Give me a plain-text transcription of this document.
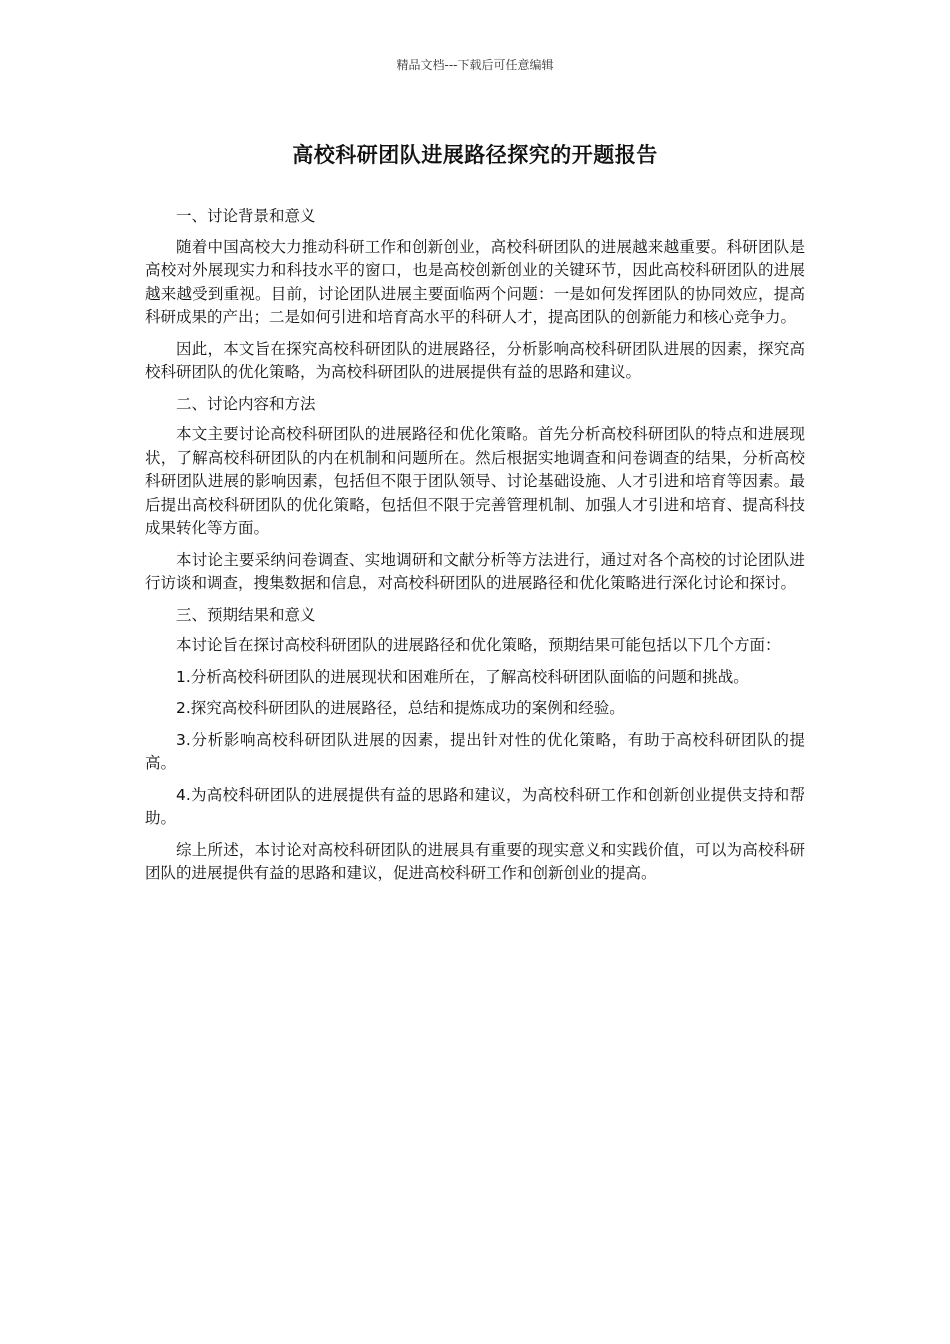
精品文档---下载后可任意编辑
高校科研团队进展路径探究的开题报告

一、讨论背景和意义

随着中国高校大力推动科研工作和创新创业，高校科研团队的进展越来越重要。科研团队是高校对外展现实力和科技水平的窗口，也是高校创新创业的关键环节，因此高校科研团队的进展越来越受到重视。目前，讨论团队进展主要面临两个问题：一是如何发挥团队的协同效应，提高科研成果的产出；二是如何引进和培育高水平的科研人才，提高团队的创新能力和核心竞争力。

因此，本文旨在探究高校科研团队的进展路径，分析影响高校科研团队进展的因素，探究高校科研团队的优化策略，为高校科研团队的进展提供有益的思路和建议。

二、讨论内容和方法

本文主要讨论高校科研团队的进展路径和优化策略。首先分析高校科研团队的特点和进展现状，了解高校科研团队的内在机制和问题所在。然后根据实地调查和问卷调查的结果，分析高校科研团队进展的影响因素，包括但不限于团队领导、讨论基础设施、人才引进和培育等因素。最后提出高校科研团队的优化策略，包括但不限于完善管理机制、加强人才引进和培育、提高科技成果转化等方面。

本讨论主要采纳问卷调查、实地调研和文献分析等方法进行，通过对各个高校的讨论团队进行访谈和调查，搜集数据和信息，对高校科研团队的进展路径和优化策略进行深化讨论和探讨。

三、预期结果和意义

本讨论旨在探讨高校科研团队的进展路径和优化策略，预期结果可能包括以下几个方面：

1.分析高校科研团队的进展现状和困难所在，了解高校科研团队面临的问题和挑战。

2.探究高校科研团队的进展路径，总结和提炼成功的案例和经验。

3.分析影响高校科研团队进展的因素，提出针对性的优化策略，有助于高校科研团队的提高。

4.为高校科研团队的进展提供有益的思路和建议，为高校科研工作和创新创业提供支持和帮助。

综上所述，本讨论对高校科研团队的进展具有重要的现实意义和实践价值，可以为高校科研团队的进展提供有益的思路和建议，促进高校科研工作和创新创业的提高。
